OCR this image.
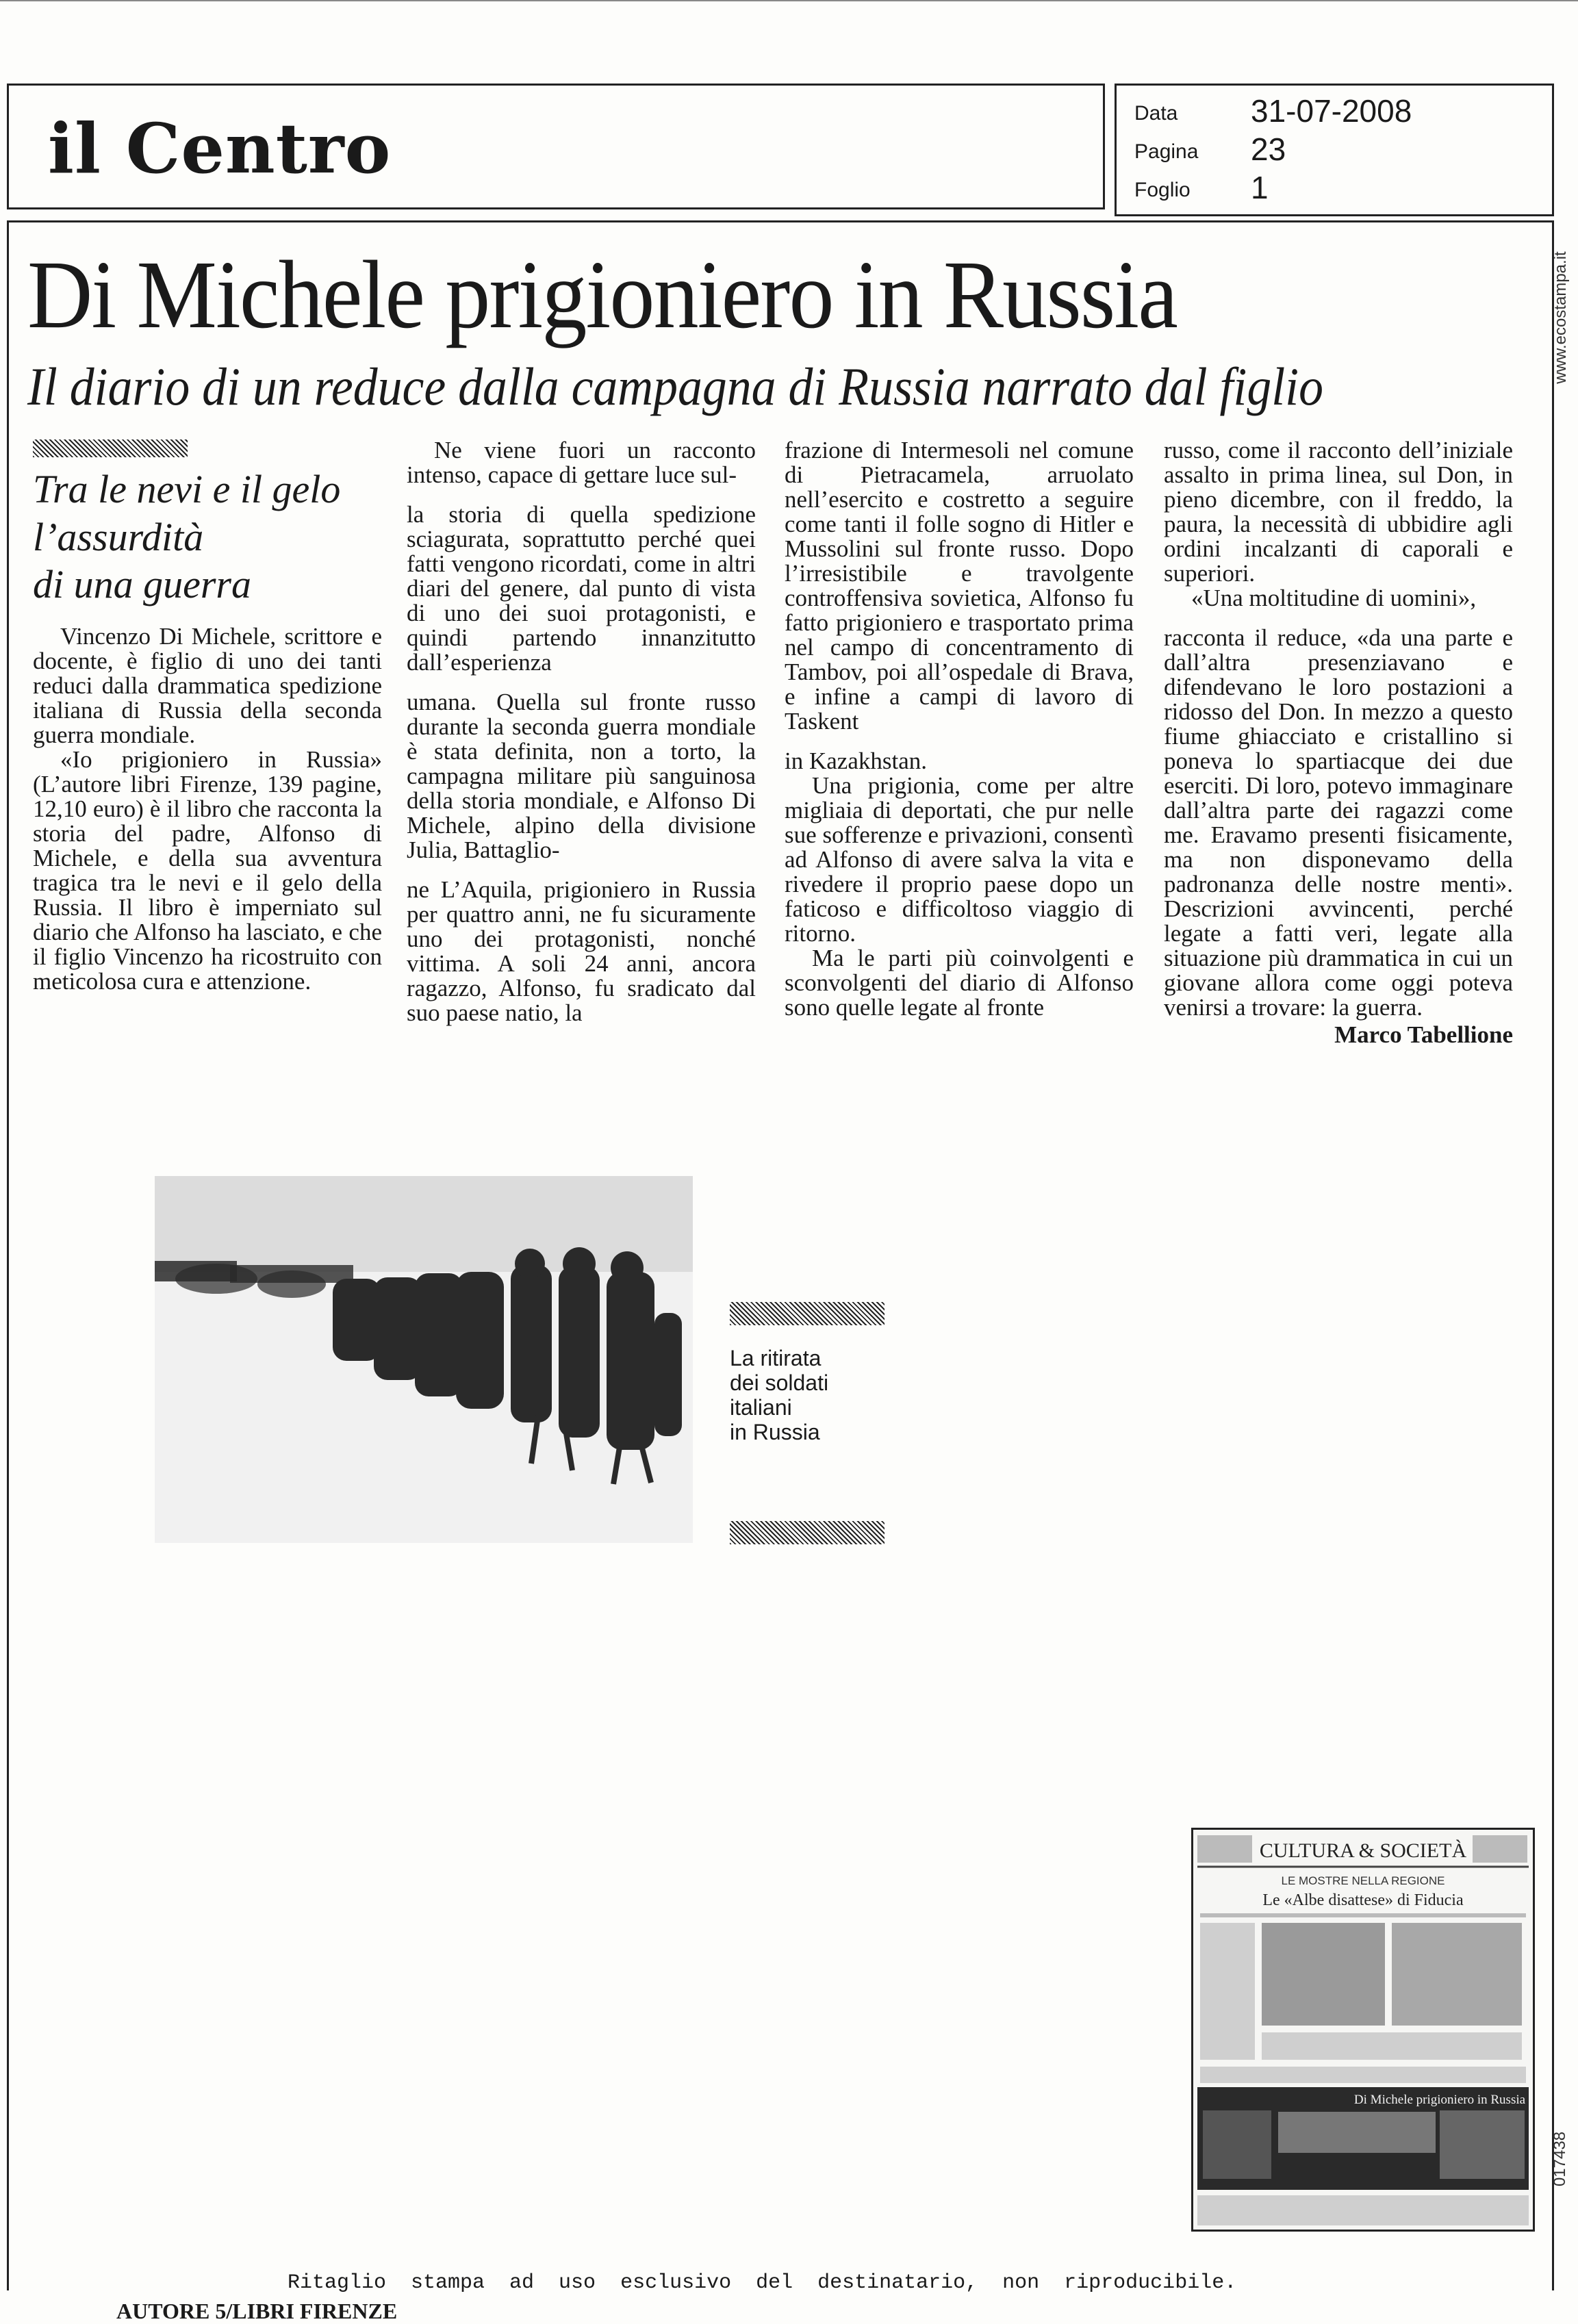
il Centro	Data 31-07-2008
Pagina 23
Foglio 1
www.ecostampa.it
017438
Di Michele prigioniero in Russia
Il diario di un reduce dalla campagna di Russia narrato dal figlio
Tra le nevi e il gelo
l’assurdità
di una guerra

Vincenzo Di Michele, scrittore e docente, è figlio di uno dei tanti reduci dalla drammatica spedizione italiana di Russia della seconda guerra mondiale.

«Io prigioniero in Russia» (L’autore libri Firenze, 139 pagine, 12,10 euro) è il libro che racconta la storia del padre, Alfonso di Michele, e della sua avventura tragica tra le nevi e il gelo della Russia. Il libro è imperniato sul diario che Alfonso ha lasciato, e che il figlio Vincenzo ha ricostruito con meticolosa cura e attenzione.

Ne viene fuori un racconto intenso, capace di gettare luce sul-

la storia di quella spedizione sciagurata, soprattutto perché quei fatti vengono ricordati, come in altri diari del genere, dal punto di vista di uno dei suoi protagonisti, e quindi partendo innanzitutto dall’esperienza

umana. Quella sul fronte russo durante la seconda guerra mondiale è stata definita, non a torto, la campagna militare più sanguinosa della storia mondiale, e Alfonso Di Michele, alpino della divisione Julia, Battaglio-

ne L’Aquila, prigioniero in Russia per quattro anni, ne fu sicuramente uno dei protagonisti, nonché vittima. A soli 24 anni, ancora ragazzo, Alfonso, fu sradicato dal suo paese natio, la

frazione di Intermesoli nel comune di Pietracamela, arruolato nell’esercito e costretto a seguire come tanti il folle sogno di Hitler e Mussolini sul fronte russo. Dopo l’irresistibile e travolgente controffensiva sovietica, Alfonso fu fatto prigioniero e trasportato prima nel campo di concentramento di Tambov, poi all’ospedale di Brava, e infine a campi di lavoro di Taskent

in Kazakhstan.

Una prigionia, come per altre migliaia di deportati, che pur nelle sue sofferenze e privazioni, consentì ad Alfonso di avere salva la vita e rivedere il proprio paese dopo un faticoso e difficoltoso viaggio di ritorno.

Ma le parti più coinvolgenti e sconvolgenti del diario di Alfonso sono quelle legate al fronte

russo, come il racconto dell’iniziale assalto in prima linea, sul Don, in pieno dicembre, con il freddo, la paura, la necessità di ubbidire agli ordini incalzanti di caporali e superiori.

«Una moltitudine di uomini»,

racconta il reduce, «da una parte e dall’altra presenziavano e difendevano le loro postazioni a ridosso del Don. In mezzo a questo fiume ghiacciato e cristallino si poneva lo spartiacque dei due eserciti. Di loro, potevo immaginare dall’altra parte dei ragazzi come me. Eravamo presenti fisicamente, ma non disponevamo della padronanza delle nostre menti». Descrizioni avvincenti, perché legate a fatti veri, legate alla situazione più drammatica in cui un giovane allora come oggi poteva venirsi a trovare: la guerra.

Marco Tabellione
La ritirata
dei soldati
italiani
in Russia
CULTURA & SOCIETÀ
LE MOSTRE NELLA REGIONE
Le «Albe disattese» di Fiducia
Di Michele prigioniero in Russia
Ritaglio stampa ad uso esclusivo del destinatario, non riproducibile.
AUTORE 5/LIBRI FIRENZE
